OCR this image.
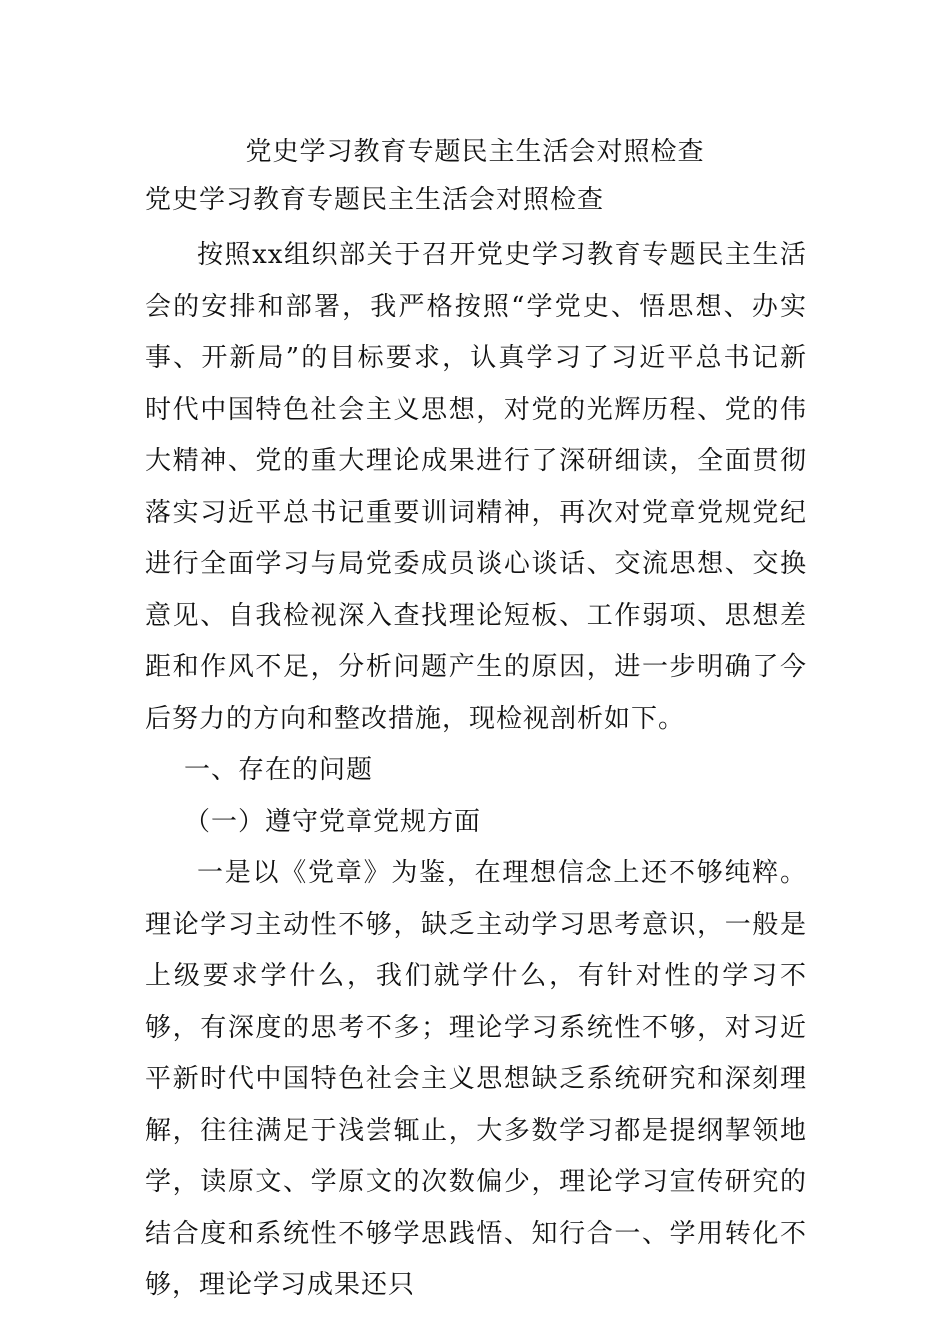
党史学习教育专题民主生活会对照检查
党史学习教育专题民主生活会对照检查

按照xx组织部关于召开党史学习教育专题民主生活会的安排和部署，我严格按照“学党史、悟思想、办实事、开新局”的目标要求，认真学习了习近平总书记新时代中国特色社会主义思想，对党的光辉历程、党的伟大精神、党的重大理论成果进行了深研细读，全面贯彻落实习近平总书记重要训词精神，再次对党章党规党纪进行全面学习与局党委成员谈心谈话、交流思想、交换意见、自我检视深入查找理论短板、工作弱项、思想差距和作风不足，分析问题产生的原因，进一步明确了今后努力的方向和整改措施，现检视剖析如下。

一、存在的问题

（一）遵守党章党规方面

一是以《党章》为鉴，在理想信念上还不够纯粹。理论学习主动性不够，缺乏主动学习思考意识，一般是上级要求学什么，我们就学什么，有针对性的学习不够，有深度的思考不多；理论学习系统性不够，对习近平新时代中国特色社会主义思想缺乏系统研究和深刻理解，往往满足于浅尝辄止，大多数学习都是提纲挈领地学，读原文、学原文的次数偏少，理论学习宣传研究的结合度和系统性不够学思践悟、知行合一、学用转化不够，理论学习成果还只
